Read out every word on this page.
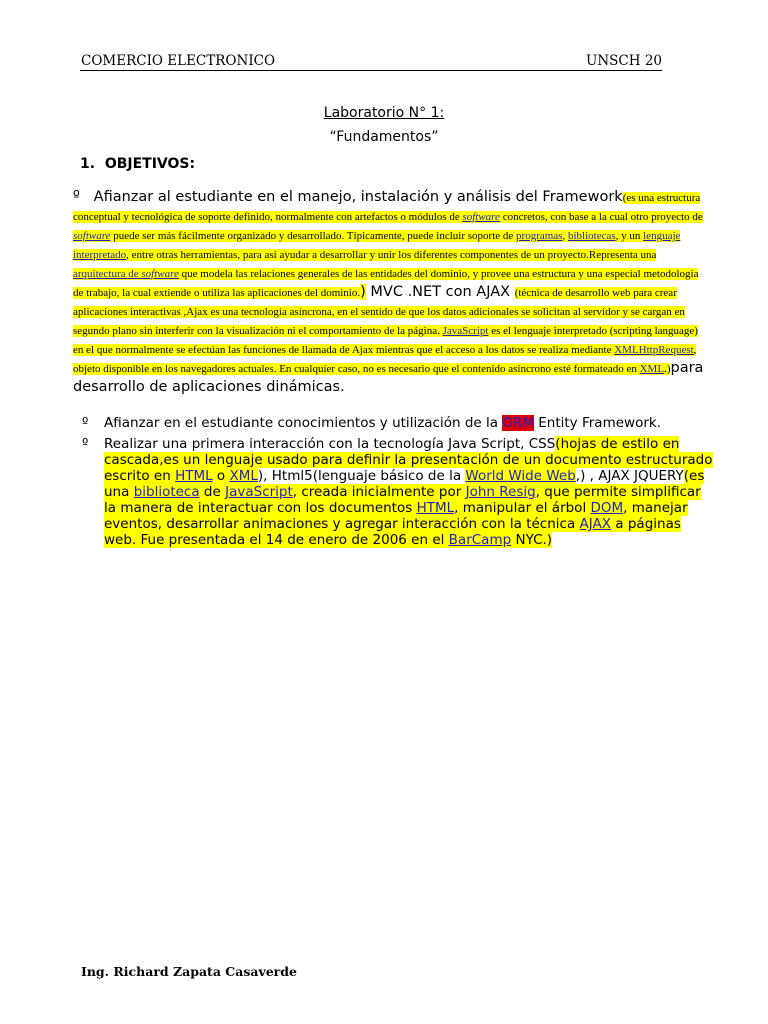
COMERCIO ELECTRONICO	UNSCH 20
Laboratorio N° 1:
“Fundamentos”
1. OBJETIVOS:
º Afianzar al estudiante en el manejo, instalación y análisis del Framework(es una estructura conceptual y tecnológica de soporte definido, normalmente con artefactos o módulos de software concretos, con base a la cual otro proyecto de software puede ser más fácilmente organizado y desarrollado. Típicamente, puede incluir soporte de programas, bibliotecas, y un lenguaje interpretado, entre otras herramientas, para así ayudar a desarrollar y unir los diferentes componentes de un proyecto.Representa una arquitectura de software que modela las relaciones generales de las entidades del dominio, y provee una estructura y una especial metodología de trabajo, la cual extiende o utiliza las aplicaciones del dominio.) MVC .NET con AJAX (técnica de desarrollo web para crear aplicaciones interactivas ,Ajax es una tecnología asíncrona, en el sentido de que los datos adicionales se solicitan al servidor y se cargan en segundo plano sin interferir con la visualización ni el comportamiento de la página. JavaScript es el lenguaje interpretado (scripting language) en el que normalmente se efectúan las funciones de llamada de Ajax mientras que el acceso a los datos se realiza mediante XMLHttpRequest, objeto disponible en los navegadores actuales. En cualquier caso, no es necesario que el contenido asíncrono esté formateado en XML.)para desarrollo de aplicaciones dinámicas.
º Afianzar en el estudiante conocimientos y utilización de la ORM Entity Framework.
º Realizar una primera interacción con la tecnología Java Script, CSS(hojas de estilo en cascada,es un lenguaje usado para definir la presentación de un documento estructurado escrito en HTML o XML), Html5(lenguaje básico de la World Wide Web,) , AJAX JQUERY(es una biblioteca de JavaScript, creada inicialmente por John Resig, que permite simplificar la manera de interactuar con los documentos HTML, manipular el árbol DOM, manejar eventos, desarrollar animaciones y agregar interacción con la técnica AJAX a páginas web. Fue presentada el 14 de enero de 2006 en el BarCamp NYC.)
Ing. Richard Zapata Casaverde
